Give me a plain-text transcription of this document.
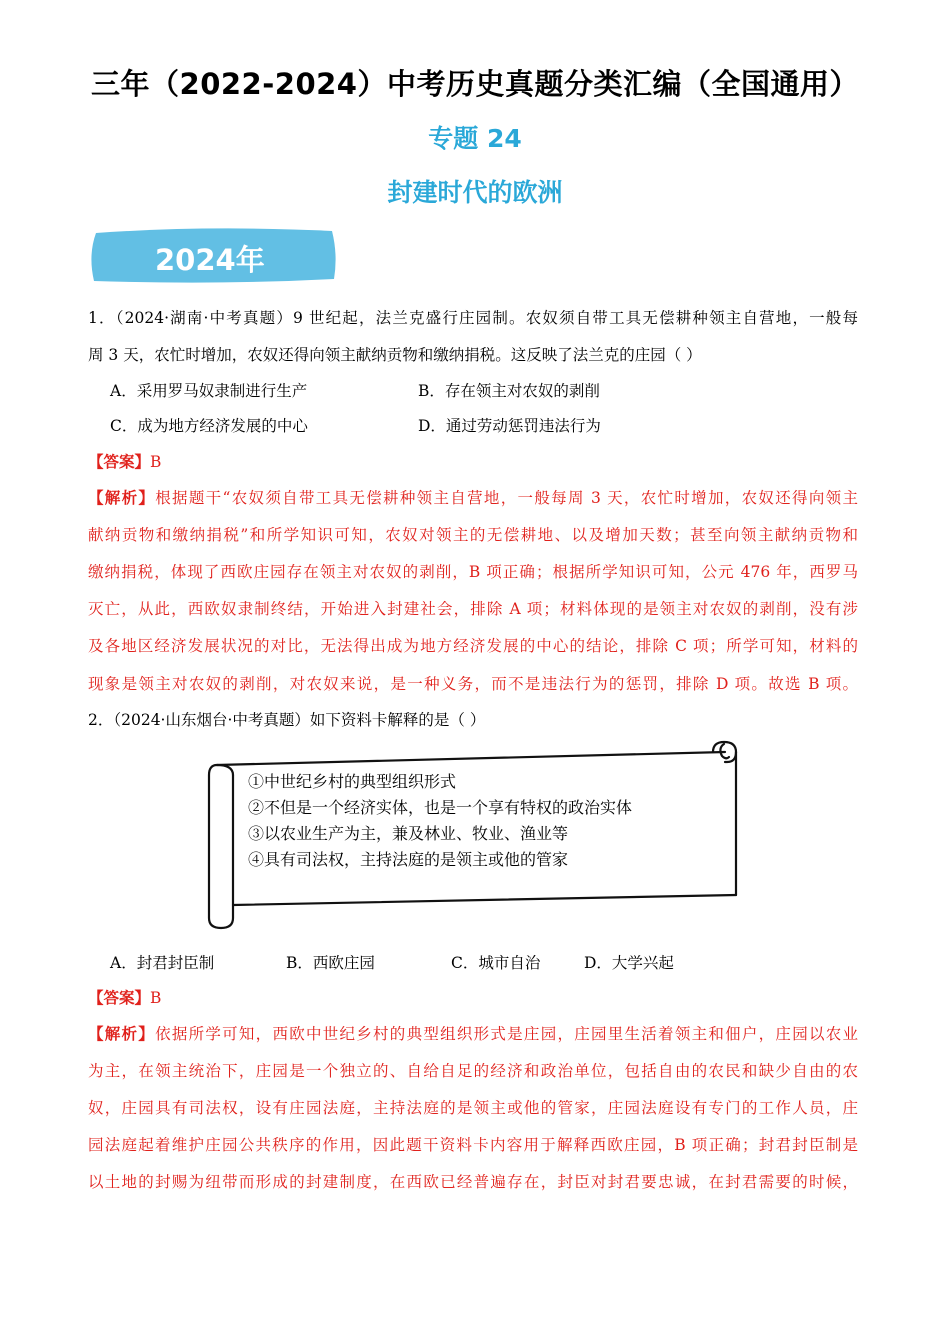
三年（2022-2024）中考历史真题分类汇编（全国通用）
专题 24
封建时代的欧洲
2024年
1．（2024·湖南·中考真题）9 世纪起，法兰克盛行庄园制。农奴须自带工具无偿耕种领主自营地，一般每
周 3 天，农忙时增加，农奴还得向领主献纳贡物和缴纳捐税。这反映了法兰克的庄园（ ）
A．采用罗马奴隶制进行生产	B．存在领主对农奴的剥削
C．成为地方经济发展的中心	D．通过劳动惩罚违法行为
【答案】B
【解析】根据题干“农奴须自带工具无偿耕种领主自营地，一般每周 3 天，农忙时增加，农奴还得向领主
献纳贡物和缴纳捐税”和所学知识可知，农奴对领主的无偿耕地、以及增加天数；甚至向领主献纳贡物和
缴纳捐税，体现了西欧庄园存在领主对农奴的剥削，B 项正确；根据所学知识可知，公元 476 年，西罗马
灭亡，从此，西欧奴隶制终结，开始进入封建社会，排除 A 项；材料体现的是领主对农奴的剥削，没有涉
及各地区经济发展状况的对比，无法得出成为地方经济发展的中心的结论，排除 C 项；所学可知，材料的
现象是领主对农奴的剥削，对农奴来说，是一种义务，而不是违法行为的惩罚，排除 D 项。故选 B 项。
2．（2024·山东烟台·中考真题）如下资料卡解释的是（ ）
①中世纪乡村的典型组织形式
②不但是一个经济实体，也是一个享有特权的政治实体
③以农业生产为主，兼及林业、牧业、渔业等
④具有司法权，主持法庭的是领主或他的管家
A．封君封臣制	B．西欧庄园	C．城市自治	D．大学兴起
【答案】B
【解析】依据所学可知，西欧中世纪乡村的典型组织形式是庄园，庄园里生活着领主和佃户，庄园以农业
为主，在领主统治下，庄园是一个独立的、自给自足的经济和政治单位，包括自由的农民和缺少自由的农
奴，庄园具有司法权，设有庄园法庭，主持法庭的是领主或他的管家，庄园法庭设有专门的工作人员，庄
园法庭起着维护庄园公共秩序的作用，因此题干资料卡内容用于解释西欧庄园，B 项正确；封君封臣制是
以土地的封赐为纽带而形成的封建制度，在西欧已经普遍存在，封臣对封君要忠诚，在封君需要的时候，
